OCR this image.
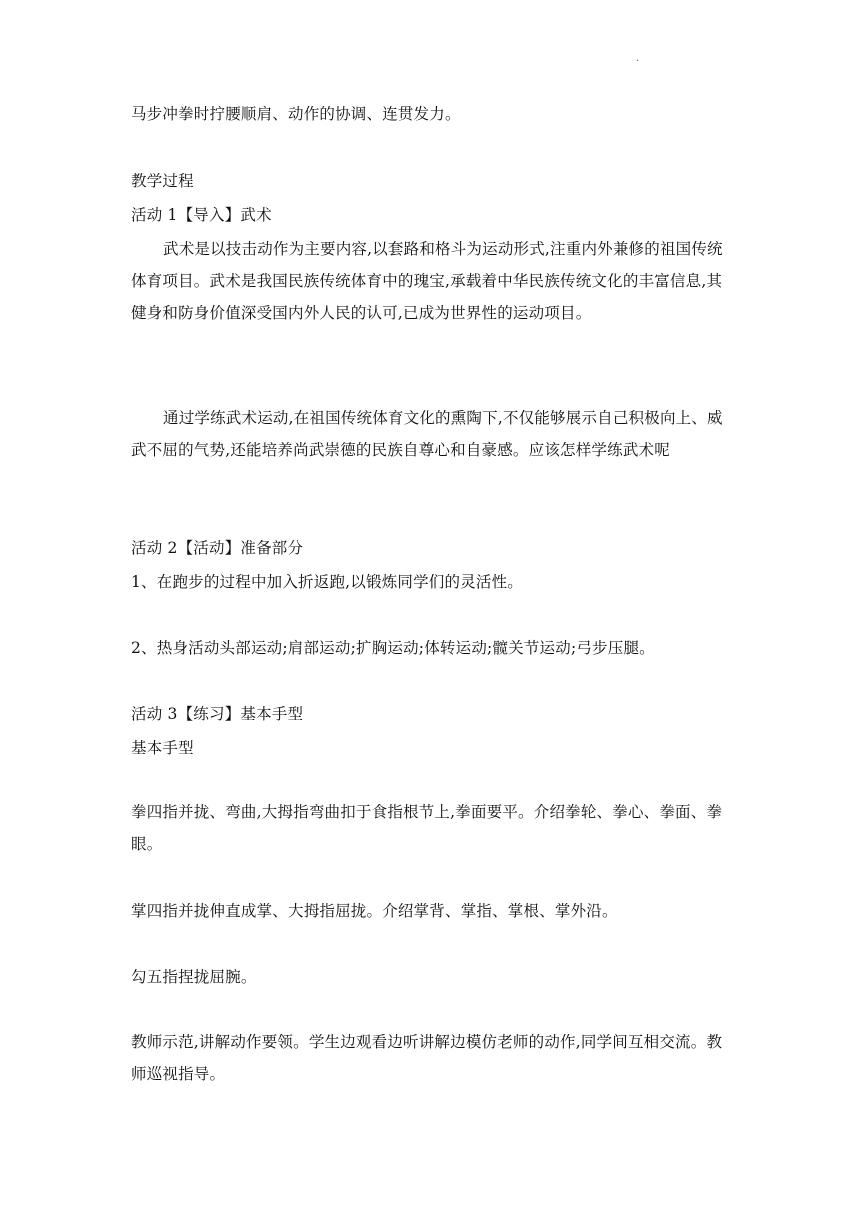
·

马步冲拳时拧腰顺肩、动作的协调、连贯发力。

教学过程

活动 1【导入】武术

武术是以技击动作为主要内容,以套路和格斗为运动形式,注重内外兼修的祖国传统体育项目。武术是我国民族传统体育中的瑰宝,承载着中华民族传统文化的丰富信息,其健身和防身价值深受国内外人民的认可,已成为世界性的运动项目。

通过学练武术运动,在祖国传统体育文化的熏陶下,不仅能够展示自己积极向上、威武不屈的气势,还能培养尚武崇德的民族自尊心和自豪感。应该怎样学练武术呢

活动 2【活动】准备部分

1、在跑步的过程中加入折返跑,以锻炼同学们的灵活性。

2、热身活动头部运动;肩部运动;扩胸运动;体转运动;髋关节运动;弓步压腿。

活动 3【练习】基本手型

基本手型

拳四指并拢、弯曲,大拇指弯曲扣于食指根节上,拳面要平。介绍拳轮、拳心、拳面、拳眼。

掌四指并拢伸直成掌、大拇指屈拢。介绍掌背、掌指、掌根、掌外沿。

勾五指捏拢屈腕。

教师示范,讲解动作要领。学生边观看边听讲解边模仿老师的动作,同学间互相交流。教师巡视指导。
